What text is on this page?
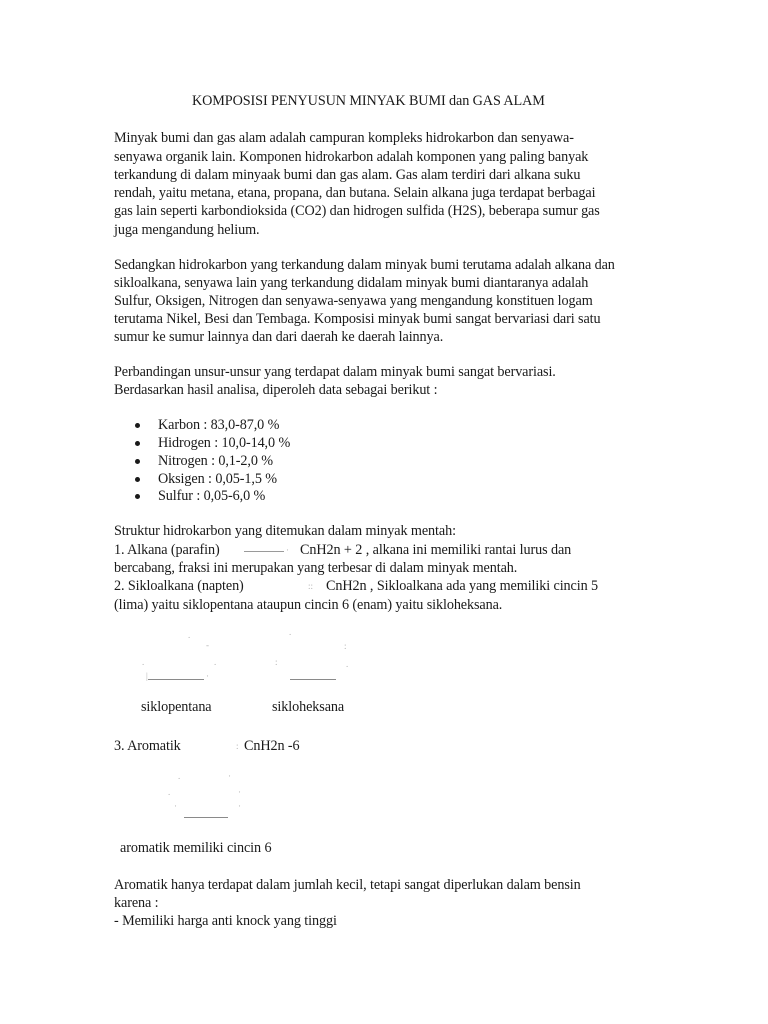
KOMPOSISI PENYUSUN MINYAK BUMI dan GAS ALAM
Minyak bumi dan gas alam adalah campuran kompleks hidrokarbon dan senyawa-
senyawa organik lain. Komponen hidrokarbon adalah komponen yang paling banyak
terkandung di dalam minyaak bumi dan gas alam. Gas alam terdiri dari alkana suku
rendah, yaitu metana, etana, propana, dan butana. Selain alkana juga terdapat berbagai
gas lain seperti karbondioksida (CO2) dan hidrogen sulfida (H2S), beberapa sumur gas
juga mengandung helium.
Sedangkan hidrokarbon yang terkandung dalam minyak bumi terutama adalah alkana dan
sikloalkana, senyawa lain yang terkandung didalam minyak bumi diantaranya adalah
Sulfur, Oksigen, Nitrogen dan senyawa-senyawa yang mengandung konstituen logam
terutama Nikel, Besi dan Tembaga. Komposisi minyak bumi sangat bervariasi dari satu
sumur ke sumur lainnya dan dari daerah ke daerah lainnya.
Perbandingan unsur-unsur yang terdapat dalam minyak bumi sangat bervariasi.
Berdasarkan hasil analisa, diperoleh data sebagai berikut :
Karbon : 83,0-87,0 %
Hidrogen : 10,0-14,0 %
Nitrogen : 0,1-2,0 %
Oksigen : 0,05-1,5 %
Sulfur : 0,05-6,0 %
Struktur hidrokarbon yang ditemukan dalam minyak mentah:
1. Alkana (parafin)	· CnH2n + 2 , alkana ini memiliki rantai lurus dan
bercabang, fraksi ini merupakan yang terbesar di dalam minyak mentah.
2. Sikloalkana (napten)	:: CnH2n , Sikloalkana ada yang memiliki cincin 5
(lima) yaitu siklopentana ataupun cincin 6 (enam) yaitu sikloheksana.
.
-
.	.
|	·
.
:
:	.
siklopentana	sikloheksana
3. Aromatik	: CnH2n -6
.	·
.	·
·	·
aromatik memiliki cincin 6
Aromatik hanya terdapat dalam jumlah kecil, tetapi sangat diperlukan dalam bensin
karena :
- Memiliki harga anti knock yang tinggi
